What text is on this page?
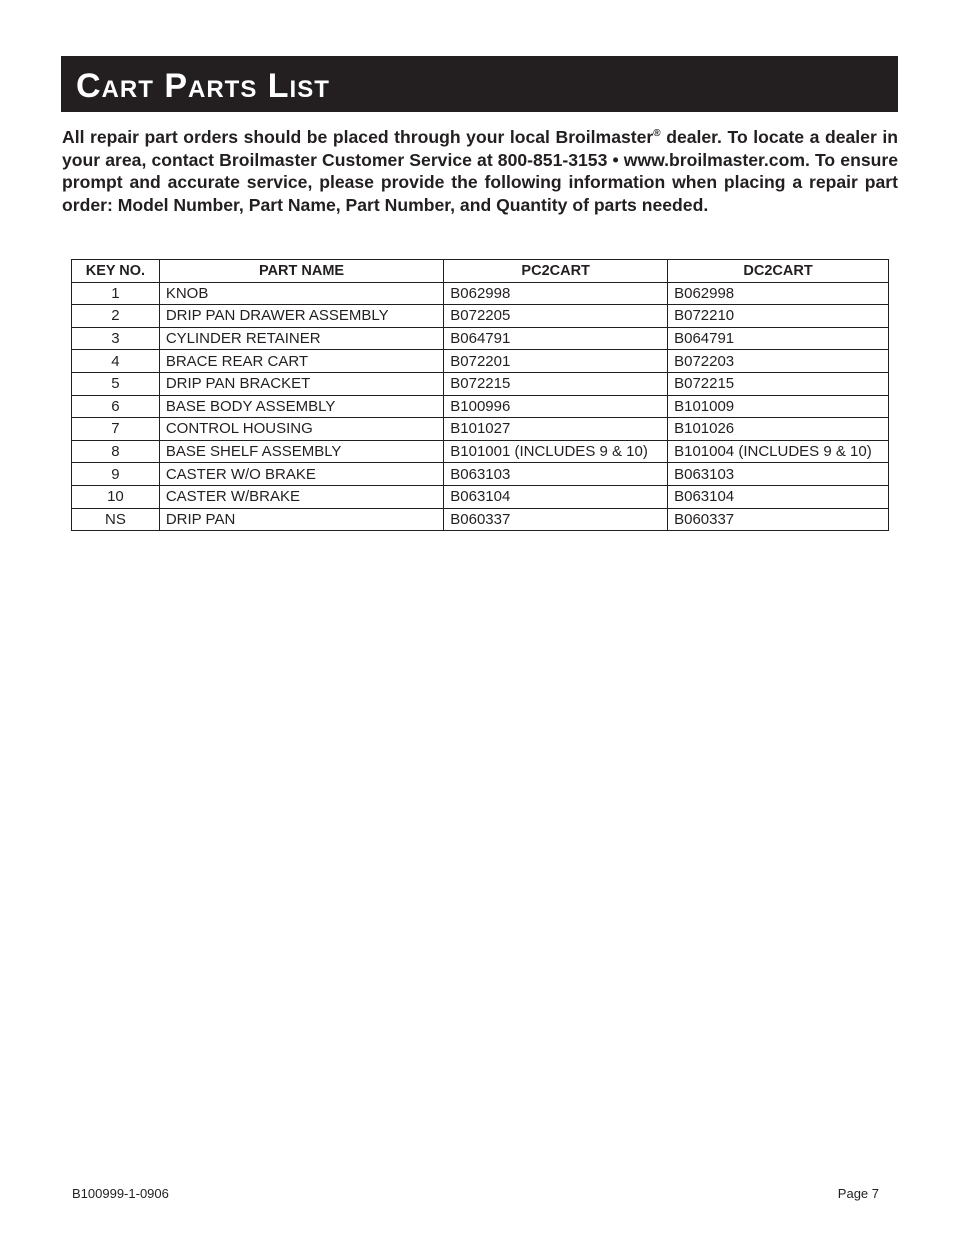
Cart Parts List

All repair part orders should be placed through your local Broilmaster® dealer. To locate a dealer in your area, contact Broilmaster Customer Service at 800-851-3153 • www.broilmaster.com. To ensure prompt and accurate service, please provide the following information when placing a repair part order: Model Number, Part Name, Part Number, and Quantity of parts needed.

KEY NO.	PART NAME	PC2CART	DC2CART
1	KNOB	B062998	B062998
2	DRIP PAN DRAWER ASSEMBLY	B072205	B072210
3	CYLINDER RETAINER	B064791	B064791
4	BRACE REAR CART	B072201	B072203
5	DRIP PAN BRACKET	B072215	B072215
6	BASE BODY ASSEMBLY	B100996	B101009
7	CONTROL HOUSING	B101027	B101026
8	BASE SHELF ASSEMBLY	B101001 (INCLUDES 9 & 10)	B101004 (INCLUDES 9 & 10)
9	CASTER W/O BRAKE	B063103	B063103
10	CASTER W/BRAKE	B063104	B063104
NS	DRIP PAN	B060337	B060337
B100999-1-0906	Page 7
